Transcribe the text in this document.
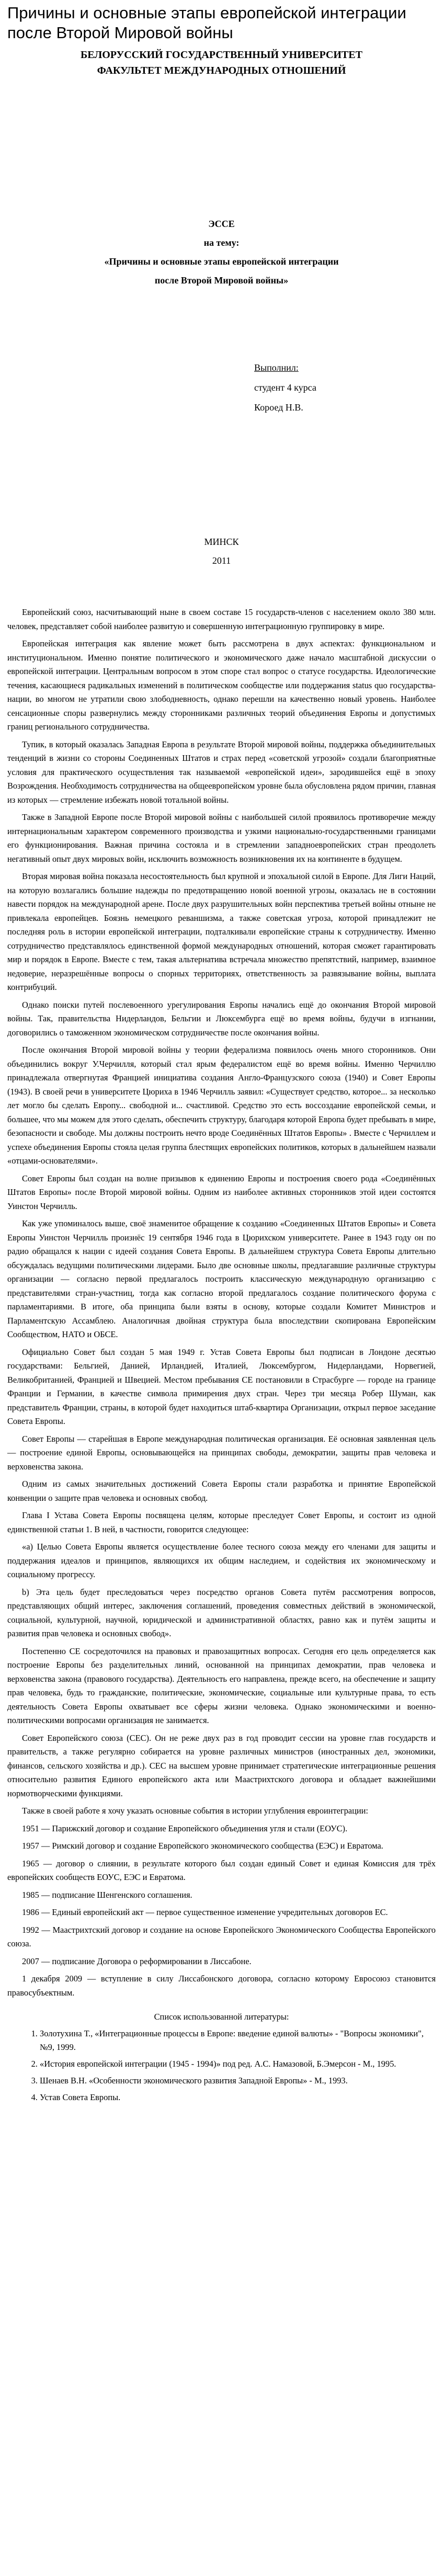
Причины и основные этапы европейской интеграции после Второй Мировой войны
БЕЛОРУССКИЙ ГОСУДАРСТВЕННЫЙ УНИВЕРСИТЕТ
ФАКУЛЬТЕТ МЕЖДУНАРОДНЫХ ОТНОШЕНИЙ
ЭССЕ
на тему:
«Причины и основные этапы европейской интеграции
после Второй Мировой войны»
Выполнил:
студент 4 курса
Короед Н.В.
МИНСК
2011

Европейский союз, насчитывающий ныне в своем составе 15 государств-членов с населением около 380 млн. человек, представляет собой наиболее развитую и совершенную интеграционную группировку в мире.

Европейская интеграция как явление может быть рассмотрена в двух аспектах: функциональном и институциональном. Именно понятие политического и экономического даже начало масштабной дискуссии о европейской интеграции. Центральным вопросом в этом споре стал вопрос о статусе государства. Идеологические течения, касающиеся радикальных изменений в политическом сообществе или поддержания status quo государства-нации, во многом не утратили свою злободневность, однако перешли на качественно новый уровень. Наиболее сенсационные споры развернулись между сторонниками различных теорий объединения Европы и допустимых границ регионального сотрудничества.

Тупик, в который оказалась Западная Европа в результате Второй мировой войны, поддержка объединительных тенденций в жизни со стороны Соединенных Штатов и страх перед «советской угрозой» создали благоприятные условия для практического осуществления так называемой «европейской идеи», зародившейся ещё в эпоху Возрождения. Необходимость сотрудничества на общеевропейском уровне была обусловлена рядом причин, главная из которых — стремление избежать новой тотальной войны.

Также в Западной Европе после Второй мировой войны с наибольшей силой проявилось противоречие между интернациональным характером современного производства и узкими национально-государственными границами его функционирования. Важная причина состояла и в стремлении западноевропейских стран преодолеть негативный опыт двух мировых войн, исключить возможность возникновения их на континенте в будущем.

Вторая мировая война показала несостоятельность был крупной и эпохальной силой в Европе. Для Лиги Наций, на которую возлагались большие надежды по предотвращению новой военной угрозы, оказалась не в состоянии навести порядок на международной арене. После двух разрушительных войн перспектива третьей войны отныне не привлекала европейцев. Боязнь немецкого реваншизма, а также советская угроза, которой принадлежит не последняя роль в истории европейской интеграции, подталкивали европейские страны к сотрудничеству. Именно сотрудничество представлялось единственной формой международных отношений, которая сможет гарантировать мир и порядок в Европе. Вместе с тем, такая альтернатива встречала множество препятствий, например, взаимное недоверие, неразрешённые вопросы о спорных территориях, ответственность за развязывание войны, выплата контрибуций.

Однако поиски путей послевоенного урегулирования Европы начались ещё до окончания Второй мировой войны. Так, правительства Нидерландов, Бельгии и Люксембурга ещё во время войны, будучи в изгнании, договорились о таможенном экономическом сотрудничестве после окончания войны.

После окончания Второй мировой войны у теории федерализма появилось очень много сторонников. Они объединились вокруг У.Черчилля, который стал ярым федералистом ещё во время войны. Именно Черчиллю принадлежала отвергнутая Францией инициатива создания Англо-Французского союза (1940) и Совет Европы (1943). В своей речи в университете Цюриха в 1946 Черчилль заявил: «Существует средство, которое... за несколько лет могло бы сделать Европу... свободной и... счастливой. Средство это есть воссоздание европейской семьи, и большее, что мы можем для этого сделать, обеспечить структуру, благодаря которой Европа будет пребывать в мире, безопасности и свободе. Мы должны построить нечто вроде Соединённых Штатов Европы» . Вместе с Черчиллем и успехе объединения Европы стояла целая группа блестящих европейских политиков, которых в дальнейшем назвали «отцами-основателями».

Совет Европы был создан на волне призывов к единению Европы и построения своего рода «Соединённых Штатов Европы» после Второй мировой войны. Одним из наиболее активных сторонников этой идеи состоятся Уинстон Черчилль.

Как уже упоминалось выше, своё знаменитое обращение к созданию «Соединенных Штатов Европы» и Совета Европы Уинстон Черчилль произнёс 19 сентября 1946 года в Цюрихском университете. Ранее в 1943 году он по радио обращался к нации с идеей создания Совета Европы. В дальнейшем структура Совета Европы длительно обсуждалась ведущими политическими лидерами. Было две основные школы, предлагавшие различные структуры организации — согласно первой предлагалось построить классическую международную организацию с представителями стран-участниц, тогда как согласно второй предлагалось создание политического форума с парламентариями. В итоге, оба принципа были взяты в основу, которые создали Комитет Министров и Парламентскую Ассамблею. Аналогичная двойная структура была впоследствии скопирована Европейским Сообществом, НАТО и ОБСЕ.

Официально Совет был создан 5 мая 1949 г. Устав Совета Европы был подписан в Лондоне десятью государствами: Бельгией, Данией, Ирландией, Италией, Люксембургом, Нидерландами, Норвегией, Великобританией, Францией и Швецией. Местом пребывания СЕ постановили в Страсбурге — городе на границе Франции и Германии, в качестве символа примирения двух стран. Через три месяца Робер Шуман, как представитель Франции, страны, в которой будет находиться штаб-квартира Организации, открыл первое заседание Совета Европы.

Совет Европы — старейшая в Европе международная политическая организация. Её основная заявленная цель — построение единой Европы, основывающейся на принципах свободы, демократии, защиты прав человека и верховенства закона.

Одним из самых значительных достижений Совета Европы стали разработка и принятие Европейской конвенции о защите прав человека и основных свобод.

Глава I Устава Совета Европы посвящена целям, которые преследует Совет Европы, и состоит из одной единственной статьи 1. В ней, в частности, говорится следующее:

«а) Целью Совета Европы является осуществление более тесного союза между его членами для защиты и поддержания идеалов и принципов, являющихся их общим наследием, и содействия их экономическому и социальному прогрессу.

b) Эта цель будет преследоваться через посредство органов Совета путём рассмотрения вопросов, представляющих общий интерес, заключения соглашений, проведения совместных действий в экономической, социальной, культурной, научной, юридической и административной областях, равно как и путём защиты и развития прав человека и основных свобод».

Постепенно СЕ сосредоточился на правовых и правозащитных вопросах. Сегодня его цель определяется как построение Европы без разделительных линий, основанной на принципах демократии, прав человека и верховенства закона (правового государства). Деятельность его направлена, прежде всего, на обеспечение и защиту прав человека, будь то гражданские, политические, экономические, социальные или культурные права, то есть деятельность Совета Европы охватывает все сферы жизни человека. Однако экономическими и военно-политическими вопросами организация не занимается.

Совет Европейского союза (СЕС). Он не реже двух раз в год проводит сессии на уровне глав государств и правительств, а также регулярно собирается на уровне различных министров (иностранных дел, экономики, финансов, сельского хозяйства и др.). СЕС на высшем уровне принимает стратегические интеграционные решения относительно развития Единого европейского акта или Маастрихтского договора и обладает важнейшими нормотворческими функциями.

Также в своей работе я хочу указать основные события в истории углубления евроинтеграции:

1951 — Парижский договор и создание Европейского объединения угля и стали (ЕОУС).

1957 — Римский договор и создание Европейского экономического сообщества (ЕЭС) и Евратома.

1965 — договор о слиянии, в результате которого был создан единый Совет и единая Комиссия для трёх европейских сообществ ЕОУС, ЕЭС и Евратома.

1985 — подписание Шенгенского соглашения.

1986 — Единый европейский акт — первое существенное изменение учредительных договоров ЕС.

1992 — Маастрихтский договор и создание на основе Европейского Экономического Сообщества Европейского союза.

2007 — подписание Договора о реформировании в Лиссабоне.

1 декабря 2009 — вступление в силу Лиссабонского договора, согласно которому Евросоюз становится правосубъектным.

Список использованной литературы:
1. Золотухина Т., «Интеграционные процессы в Европе: введение единой валюты» - "Вопросы экономики", №9, 1999.
2. «История европейской интеграции (1945 - 1994)» под ред. А.С. Намазовой, Б.Эмерсон - М., 1995.
3. Шенаев В.Н. «Особенности экономического развития Западной Европы» - М., 1993.
4. Устав Совета Европы.
